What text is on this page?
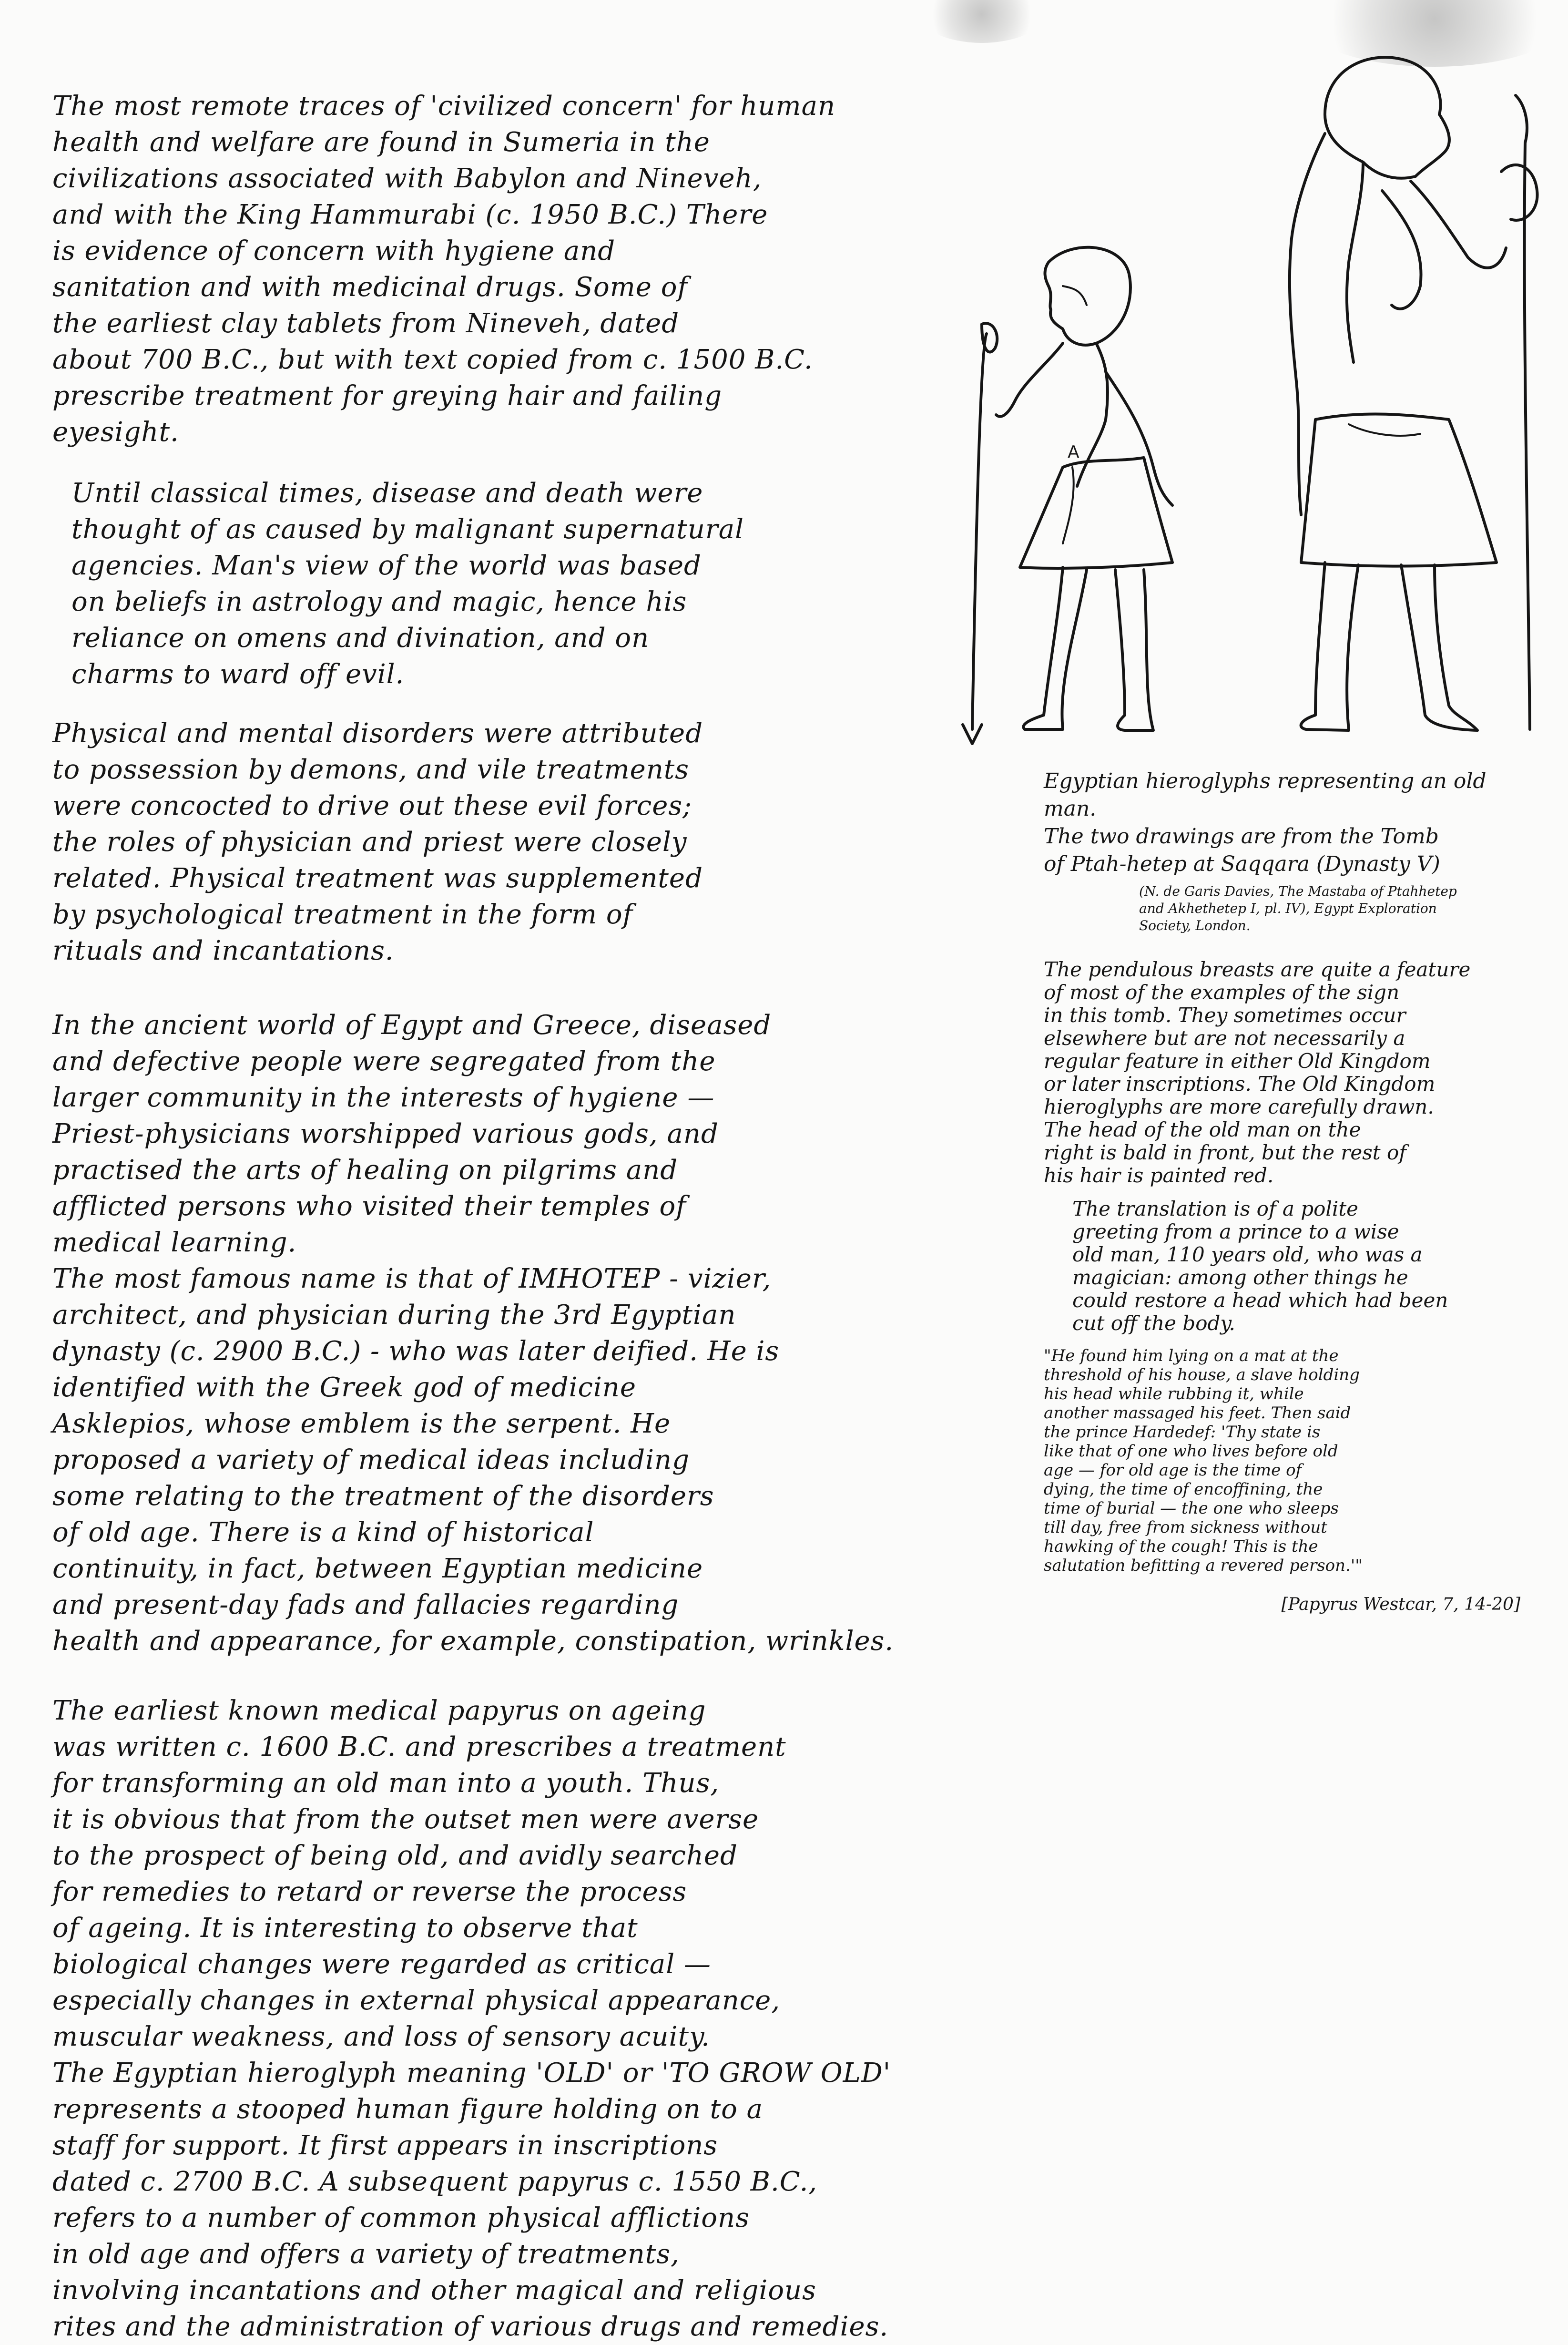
The most remote traces of 'civilized concern' for human
health and welfare are found in Sumeria in the
civilizations associated with Babylon and Nineveh,
and with the King Hammurabi (c. 1950 B.C.) There
is evidence of concern with hygiene and
sanitation and with medicinal drugs. Some of
the earliest clay tablets from Nineveh, dated
about 700 B.C., but with text copied from c. 1500 B.C.
prescribe treatment for greying hair and failing
eyesight.

Until classical times, disease and death were
thought of as caused by malignant supernatural
agencies. Man's view of the world was based
on beliefs in astrology and magic, hence his
reliance on omens and divination, and on
charms to ward off evil.

Physical and mental disorders were attributed
to possession by demons, and vile treatments
were concocted to drive out these evil forces;
the roles of physician and priest were closely
related. Physical treatment was supplemented
by psychological treatment in the form of
rituals and incantations.

In the ancient world of Egypt and Greece, diseased
and defective people were segregated from the
larger community in the interests of hygiene —
Priest-physicians worshipped various gods, and
practised the arts of healing on pilgrims and
afflicted persons who visited their temples of
medical learning.
The most famous name is that of IMHOTEP - vizier,
architect, and physician during the 3rd Egyptian
dynasty (c. 2900 B.C.) - who was later deified. He is
identified with the Greek god of medicine
Asklepios, whose emblem is the serpent. He
proposed a variety of medical ideas including
some relating to the treatment of the disorders
of old age. There is a kind of historical
continuity, in fact, between Egyptian medicine
and present-day fads and fallacies regarding
health and appearance, for example, constipation, wrinkles.

The earliest known medical papyrus on ageing
was written c. 1600 B.C. and prescribes a treatment
for transforming an old man into a youth. Thus,
it is obvious that from the outset men were averse
to the prospect of being old, and avidly searched
for remedies to retard or reverse the process
of ageing. It is interesting to observe that
biological changes were regarded as critical —
especially changes in external physical appearance,
muscular weakness, and loss of sensory acuity.
The Egyptian hieroglyph meaning 'OLD' or 'TO GROW OLD'
represents a stooped human figure holding on to a
staff for support. It first appears in inscriptions
dated c. 2700 B.C. A subsequent papyrus c. 1550 B.C.,
refers to a number of common physical afflictions
in old age and offers a variety of treatments,
involving incantations and other magical and religious
rites and the administration of various drugs and remedies.

A

Egyptian hieroglyphs representing an old man.
The two drawings are from the Tomb
of Ptah-hetep at Saqqara (Dynasty V)

(N. de Garis Davies, The Mastaba of Ptahhetep
and Akhethetep I, pl. IV), Egypt Exploration
Society, London.

The pendulous breasts are quite a feature
of most of the examples of the sign
in this tomb. They sometimes occur
elsewhere but are not necessarily a
regular feature in either Old Kingdom
or later inscriptions. The Old Kingdom
hieroglyphs are more carefully drawn.
The head of the old man on the
right is bald in front, but the rest of
his hair is painted red.

The translation is of a polite
greeting from a prince to a wise
old man, 110 years old, who was a
magician: among other things he
could restore a head which had been
cut off the body.

"He found him lying on a mat at the
threshold of his house, a slave holding
his head while rubbing it, while
another massaged his feet. Then said
the prince Hardedef: 'Thy state is
like that of one who lives before old
age — for old age is the time of
dying, the time of encoffining, the
time of burial — the one who sleeps
till day, free from sickness without
hawking of the cough! This is the
salutation befitting a revered person.'"

[Papyrus Westcar, 7, 14-20]
